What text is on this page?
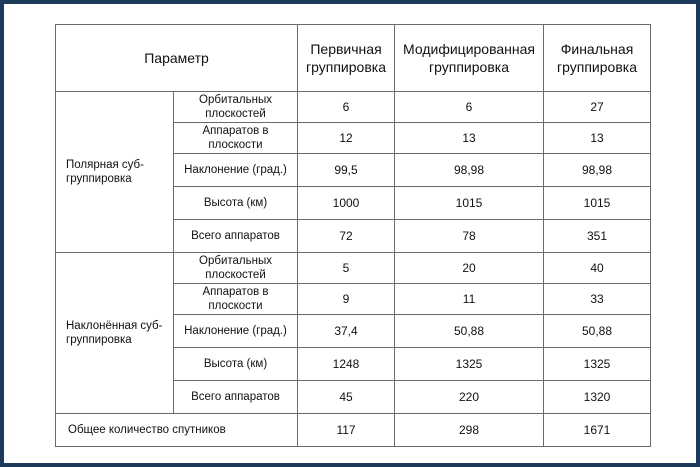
Параметр		Первичная группировка	Модифицированная группировка	Финальная группировка
Полярная суб-группировка	Орбитальных плоскостей	6	6	27
	Аппаратов в плоскости	12	13	13
	Наклонение (град.)	99,5	98,98	98,98
	Высота (км)	1000	1015	1015
	Всего аппаратов	72	78	351
Наклонённая суб-группировка	Орбитальных плоскостей	5	20	40
	Аппаратов в плоскости	9	11	33
	Наклонение (град.)	37,4	50,88	50,88
	Высота (км)	1248	1325	1325
	Всего аппаратов	45	220	1320
Общее количество спутников		117	298	1671
